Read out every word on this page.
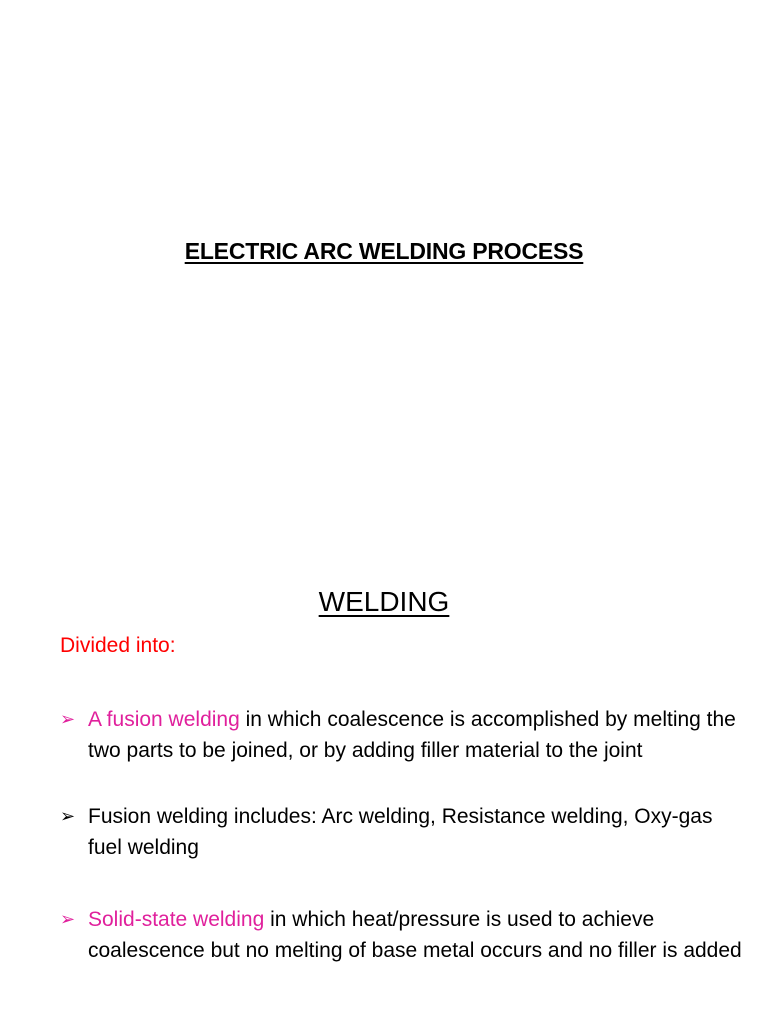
ELECTRIC ARC WELDING PROCESS
WELDING
Divided into:
➢ A fusion welding in which coalescence is accomplished by melting the two parts to be joined, or by adding filler material to the joint
➢ Fusion welding includes: Arc welding, Resistance welding, Oxy-gas fuel welding
➢ Solid-state welding in which heat/pressure is used to achieve coalescence but no melting of base metal occurs and no filler is added
